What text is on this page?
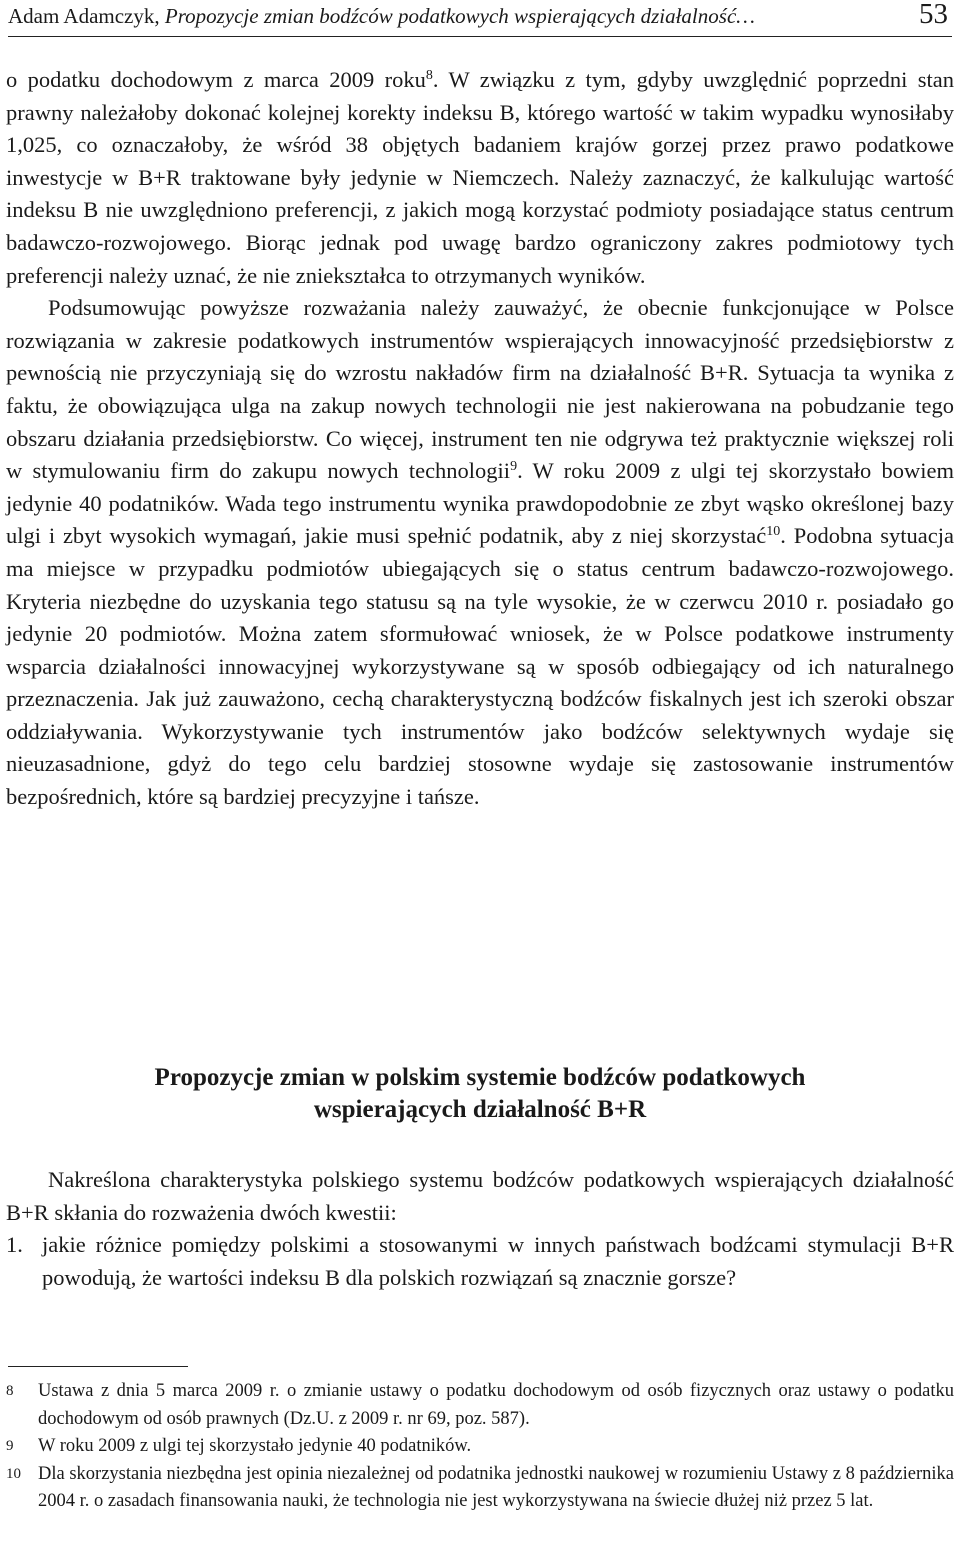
Adam Adamczyk, Propozycje zmian bodźców podatkowych wspierających działalność…	53

o podatku dochodowym z marca 2009 roku$^8$. W związku z tym, gdyby uwzględnić poprzedni stan prawny należałoby dokonać kolejnej korekty indeksu B, którego wartość w takim wypadku wynosiłaby 1,025, co oznaczałoby, że wśród 38 objętych badaniem krajów gorzej przez prawo podatkowe inwestycje w B+R traktowane były jedynie w Niemczech. Należy zaznaczyć, że kalkulując wartość indeksu B nie uwzględniono preferencji, z jakich mogą korzystać podmioty posiadające status centrum badawczo-rozwojowego. Biorąc jednak pod uwagę bardzo ograniczony zakres podmiotowy tych preferencji należy uznać, że nie zniekształca to otrzymanych wyników.

Podsumowując powyższe rozważania należy zauważyć, że obecnie funkcjonujące w Polsce rozwiązania w zakresie podatkowych instrumentów wspierających innowacyjność przedsiębiorstw z pewnością nie przyczyniają się do wzrostu nakładów firm na działalność B+R. Sytuacja ta wynika z faktu, że obowiązująca ulga na zakup nowych technologii nie jest nakierowana na pobudzanie tego obszaru działania przedsiębiorstw. Co więcej, instrument ten nie odgrywa też praktycznie większej roli w stymulowaniu firm do zakupu nowych technologii$^9$. W roku 2009 z ulgi tej skorzystało bowiem jedynie 40 podatników. Wada tego instrumentu wynika prawdopodobnie ze zbyt wąsko określonej bazy ulgi i zbyt wysokich wymagań, jakie musi spełnić podatnik, aby z niej skorzystać$^{10}$. Podobna sytuacja ma miejsce w przypadku podmiotów ubiegających się o status centrum badawczo-rozwojowego. Kryteria niezbędne do uzyskania tego statusu są na tyle wysokie, że w czerwcu 2010 r. posiadało go jedynie 20 podmiotów. Można zatem sformułować wniosek, że w Polsce podatkowe instrumenty wsparcia działalności innowacyjnej wykorzystywane są w sposób odbiegający od ich naturalnego przeznaczenia. Jak już zauważono, cechą charakterystyczną bodźców fiskalnych jest ich szeroki obszar oddziaływania. Wykorzystywanie tych instrumentów jako bodźców selektywnych wydaje się nieuzasadnione, gdyż do tego celu bardziej stosowne wydaje się zastosowanie instrumentów bezpośrednich, które są bardziej precyzyjne i tańsze.

Propozycje zmian w polskim systemie bodźców podatkowych
wspierających działalność B+R

Nakreślona charakterystyka polskiego systemu bodźców podatkowych wspierających działalność B+R skłania do rozważenia dwóch kwestii:

1. jakie różnice pomiędzy polskimi a stosowanymi w innych państwach bodźcami stymulacji B+R powodują, że wartości indeksu B dla polskich rozwiązań są znacznie gorsze?
8 Ustawa z dnia 5 marca 2009 r. o zmianie ustawy o podatku dochodowym od osób fizycznych oraz ustawy o podatku dochodowym od osób prawnych (Dz.U. z 2009 r. nr 69, poz. 587).
9 W roku 2009 z ulgi tej skorzystało jedynie 40 podatników.
10 Dla skorzystania niezbędna jest opinia niezależnej od podatnika jednostki naukowej w rozumieniu Ustawy z 8 października 2004 r. o zasadach finansowania nauki, że technologia nie jest wykorzystywana na świecie dłużej niż przez 5 lat.
